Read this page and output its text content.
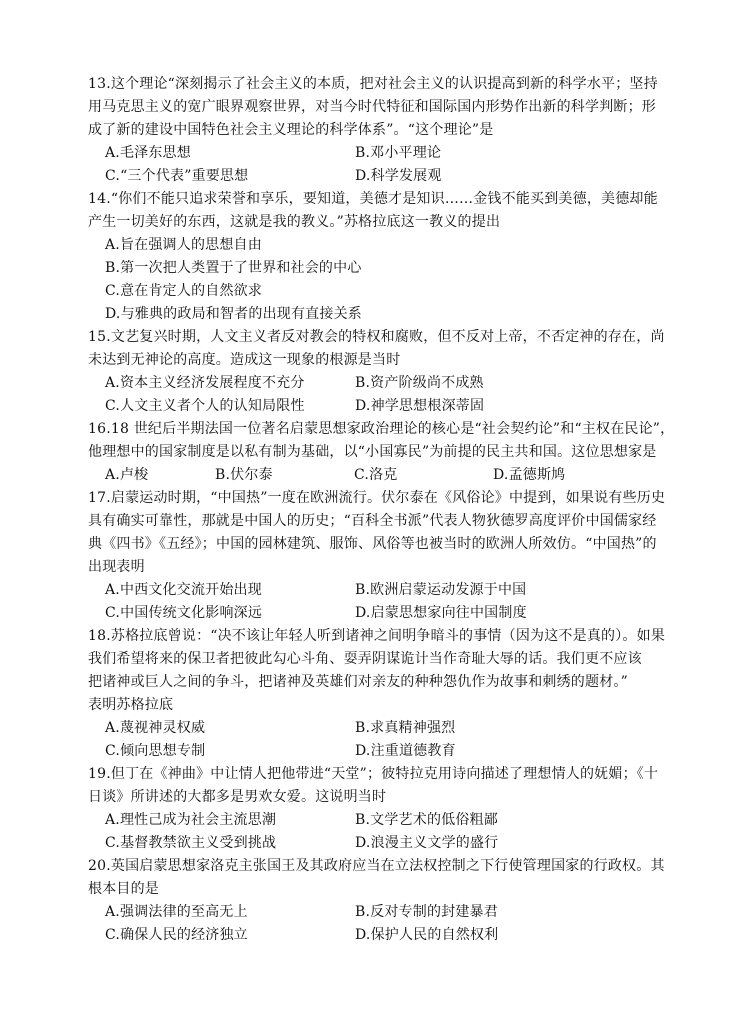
13.这个理论“深刻揭示了社会主义的本质，把对社会主义的认识提高到新的科学水平；坚持
用马克思主义的宽广眼界观察世界，对当今时代特征和国际国内形势作出新的科学判断；形
成了新的建设中国特色社会主义理论的科学体系”。“这个理论”是
A.毛泽东思想	B.邓小平理论
C.“三个代表”重要思想	D.科学发展观
14.“你们不能只追求荣誉和享乐，要知道，美德才是知识……金钱不能买到美德，美德却能
产生一切美好的东西，这就是我的教义。”苏格拉底这一教义的提出
A.旨在强调人的思想自由
B.第一次把人类置于了世界和社会的中心
C.意在肯定人的自然欲求
D.与雅典的政局和智者的出现有直接关系
15.文艺复兴时期，人文主义者反对教会的特权和腐败，但不反对上帝，不否定神的存在，尚
未达到无神论的高度。造成这一现象的根源是当时
A.资本主义经济发展程度不充分	B.资产阶级尚不成熟
C.人文主义者个人的认知局限性	D.神学思想根深蒂固
16.18 世纪后半期法国一位著名启蒙思想家政治理论的核心是“社会契约论”和“主权在民论”，
他理想中的国家制度是以私有制为基础，以“小国寡民”为前提的民主共和国。这位思想家是
A.卢梭	B.伏尔泰	C.洛克	D.孟德斯鸠
17.启蒙运动时期，“中国热”一度在欧洲流行。伏尔泰在《风俗论》中提到，如果说有些历史
具有确实可靠性，那就是中国人的历史；“百科全书派”代表人物狄德罗高度评价中国儒家经
典《四书》《五经》；中国的园林建筑、服饰、风俗等也被当时的欧洲人所效仿。“中国热”的
出现表明
A.中西文化交流开始出现	B.欧洲启蒙运动发源于中国
C.中国传统文化影响深远	D.启蒙思想家向往中国制度
18.苏格拉底曾说：“决不该让年轻人听到诸神之间明争暗斗的事情（因为这不是真的）。如果
我们希望将来的保卫者把彼此勾心斗角、耍弄阴谋诡计当作奇耻大辱的话。我们更不应该
把诸神或巨人之间的争斗，把诸神及英雄们对亲友的种种怨仇作为故事和刺绣的题材。”
表明苏格拉底
A.蔑视神灵权威	B.求真精神强烈
C.倾向思想专制	D.注重道德教育
19.但丁在《神曲》中让情人把他带进“天堂”；彼特拉克用诗向描述了理想情人的妩媚；《十
日谈》所讲述的大都多是男欢女爱。这说明当时
A.理性己成为社会主流思潮	B.文学艺术的低俗粗鄙
C.基督教禁欲主义受到挑战	D.浪漫主义文学的盛行
20.英国启蒙思想家洛克主张国王及其政府应当在立法权控制之下行使管理国家的行政权。其
根本目的是
A.强调法律的至高无上	B.反对专制的封建暴君
C.确保人民的经济独立	D.保护人民的自然权利
